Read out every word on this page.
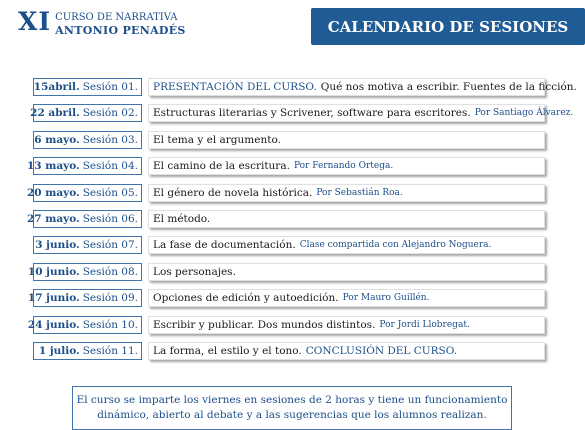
XI CURSO DE NARRATIVA
ANTONIO PENADÉS	CALENDARIO DE SESIONES
15abril. Sesión 01. PRESENTACIÓN DEL CURSO. Qué nos motiva a escribir. Fuentes de la ficción.
22 abril. Sesión 02. Estructuras literarias y Scrivener, software para escritores. Por Santiago Álvarez.
6 mayo. Sesión 03. El tema y el argumento.
13 mayo. Sesión 04. El camino de la escritura. Por Fernando Ortega.
20 mayo. Sesión 05. El género de novela histórica. Por Sebastián Roa.
27 mayo. Sesión 06. El método.
3 junio. Sesión 07. La fase de documentación. Clase compartida con Alejandro Noguera.
10 junio. Sesión 08. Los personajes.
17 junio. Sesión 09. Opciones de edición y autoedición. Por Mauro Guillén.
24 junio. Sesión 10. Escribir y publicar. Dos mundos distintos. Por Jordi Llobregat.
1 julio. Sesión 11. La forma, el estilo y el tono. CONCLUSIÓN DEL CURSO.
El curso se imparte los viernes en sesiones de 2 horas y tiene un funcionamiento
dinámico, abierto al debate y a las sugerencias que los alumnos realizan.
